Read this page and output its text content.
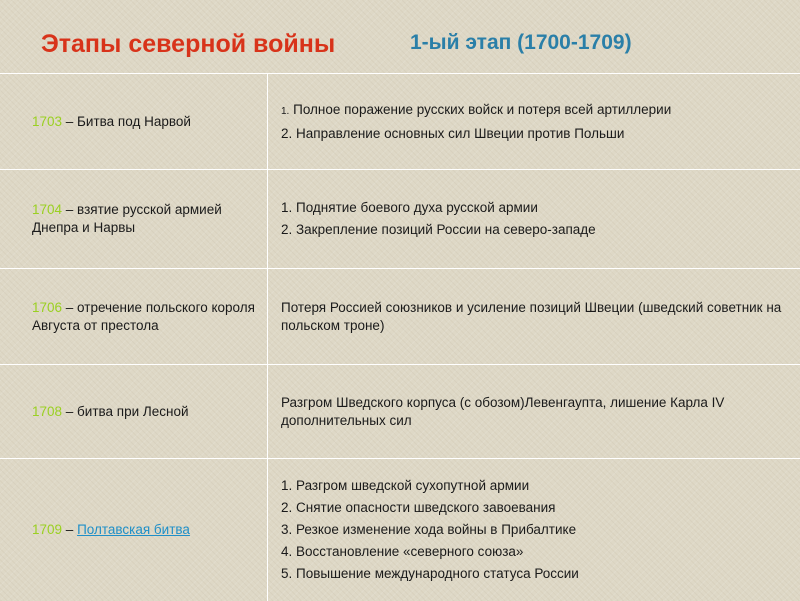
Этапы северной войны	1-ый этап (1700-1709)

1703 – Битва под Нарвой

1. Полное поражение русских войск и потеря всей артиллерии
2. Направление основных сил Швеции против Польши

1704 – взятие русской армией Днепра и Нарвы

1. Поднятие боевого духа русской армии
2. Закрепление позиций России на северо-западе

1706 – отречение польского короля Августа от престола

Потеря Россией союзников и усиление позиций Швеции (шведский советник на польском троне)

1708 – битва при Лесной

Разгром Шведского корпуса (с обозом)Левенгаупта, лишение Карла IV дополнительных сил

1709 – Полтавская битва

1. Разгром шведской сухопутной армии
2. Снятие опасности шведского завоевания
3. Резкое изменение хода войны в Прибалтике
4. Восстановление «северного союза»
5. Повышение международного статуса России
